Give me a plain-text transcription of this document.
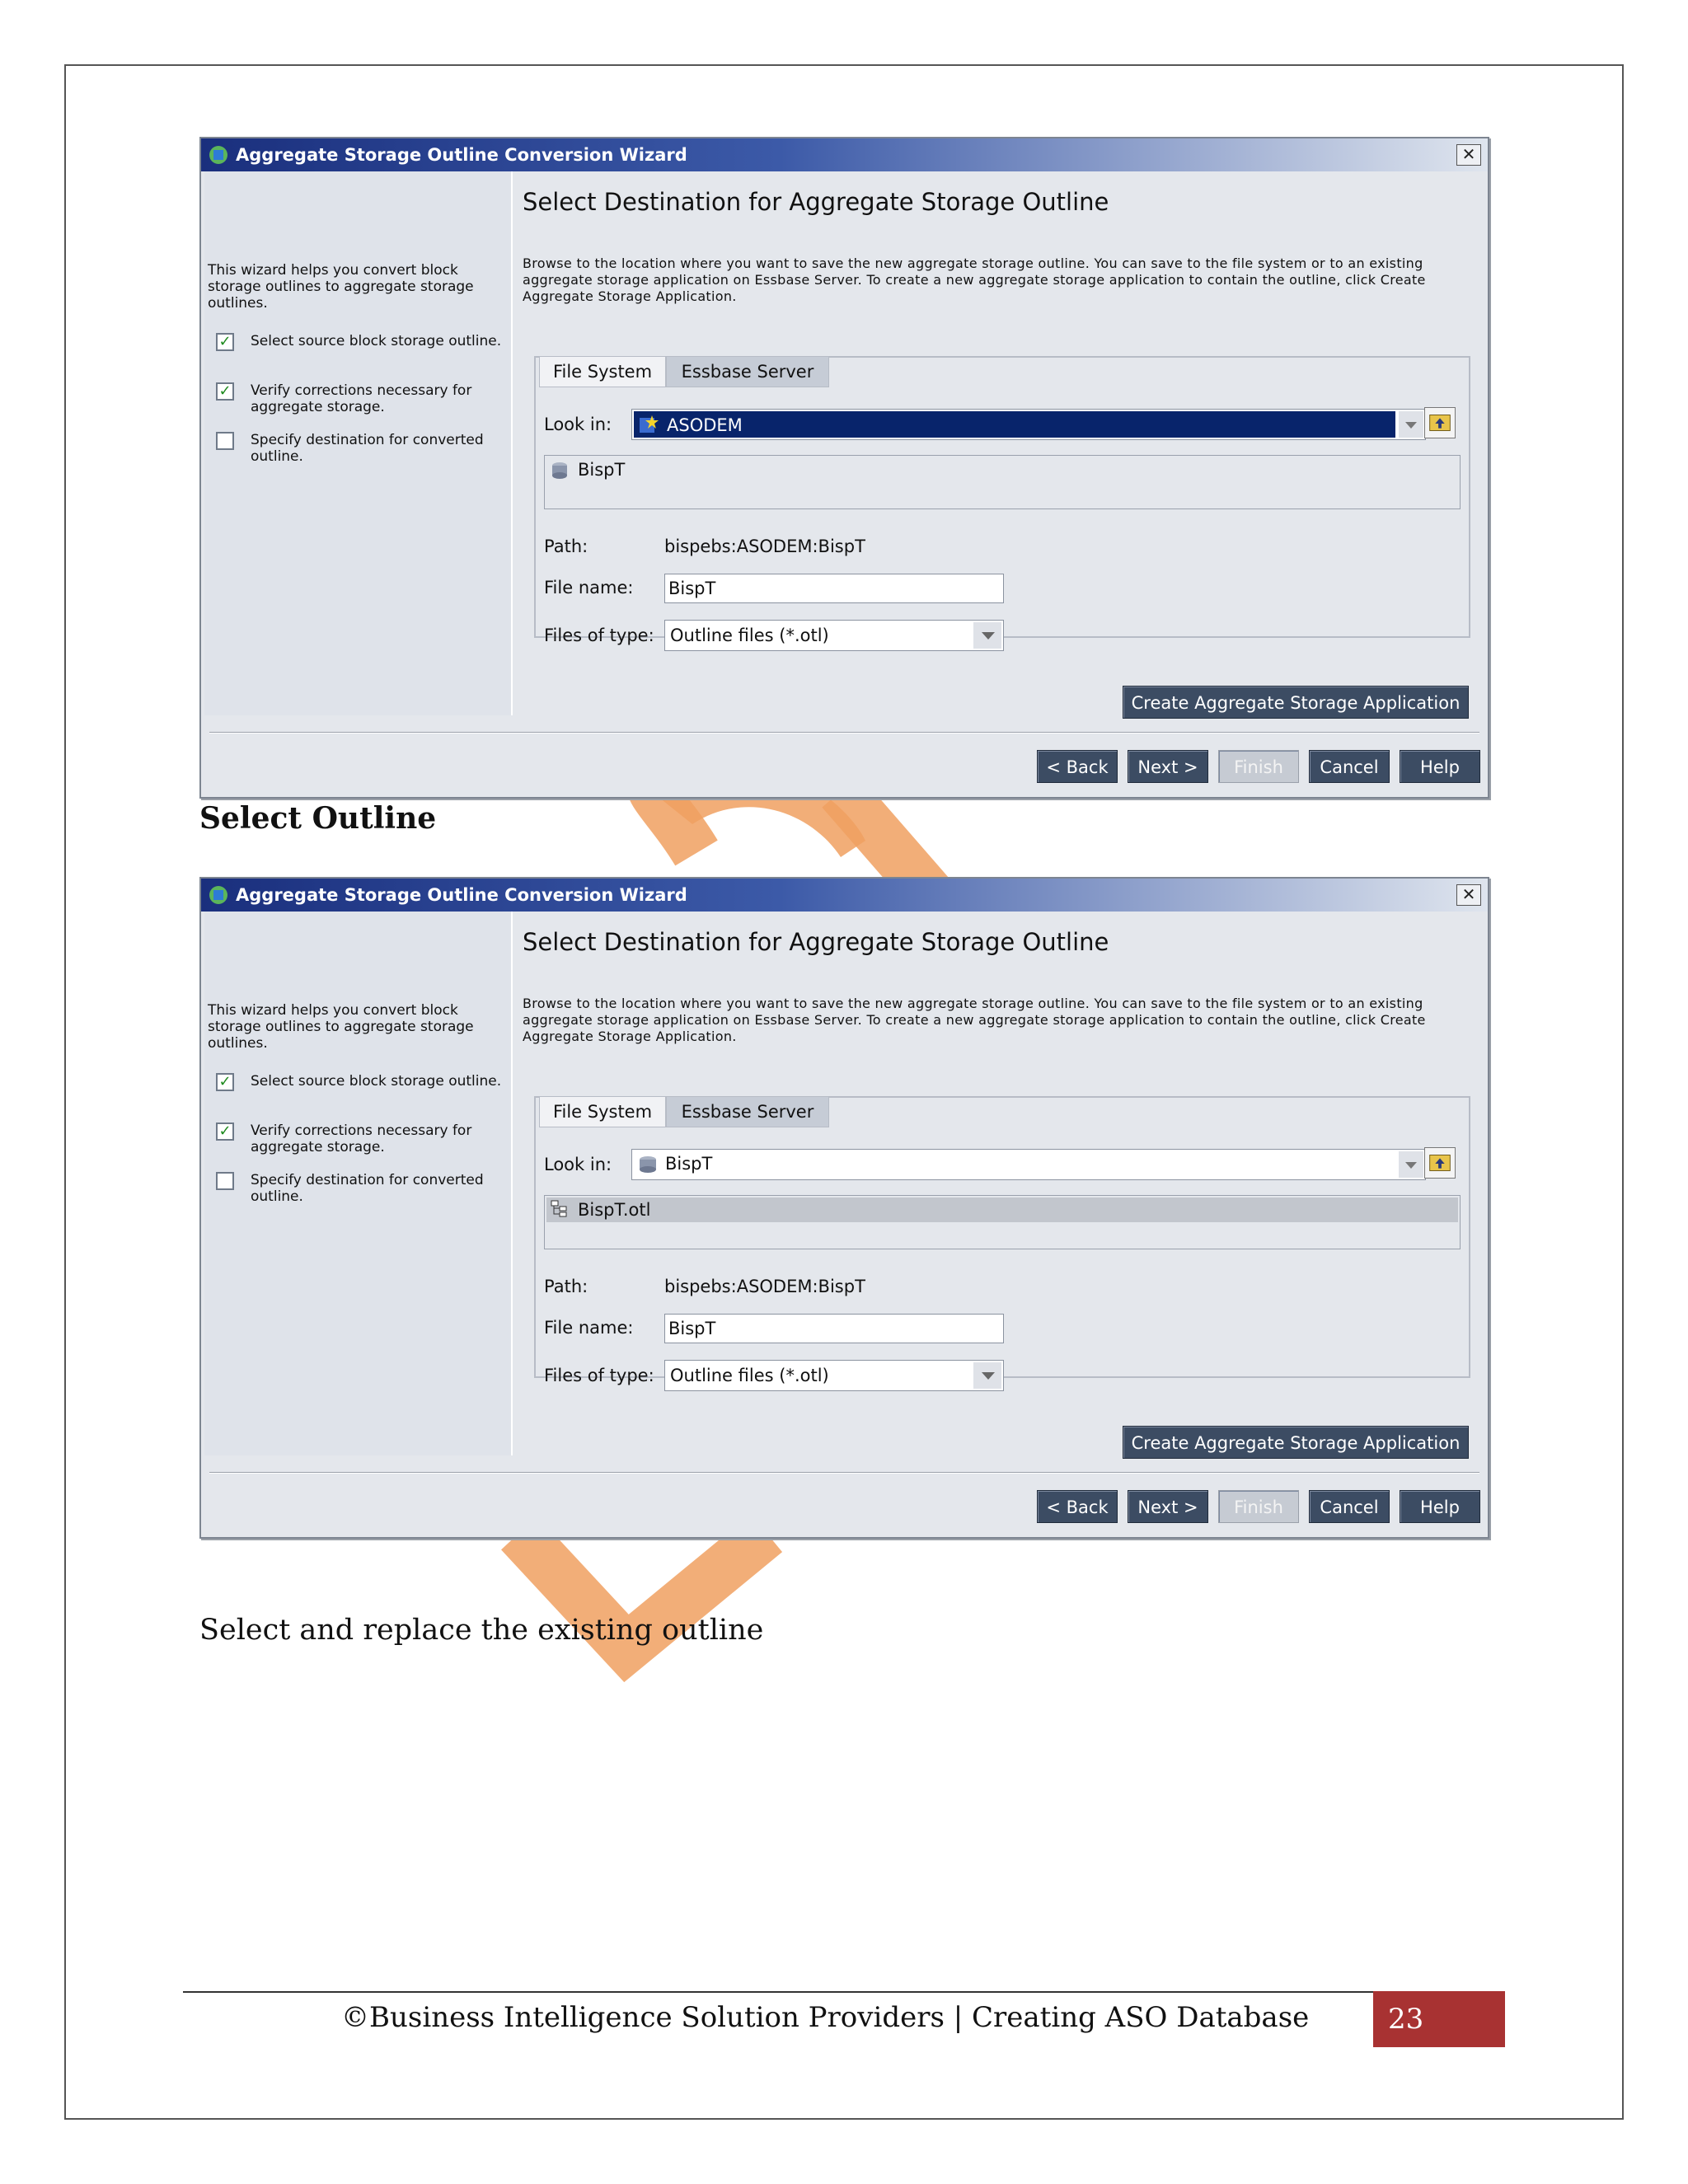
Aggregate Storage Outline Conversion Wizard	✕
This wizard helps you convert block storage outlines to aggregate storage outlines.
✓ Select source block storage outline.
✓ Verify corrections necessary for aggregate storage.
Specify destination for converted outline.
Select Destination for Aggregate Storage Outline
Browse to the location where you want to save the new aggregate storage outline. You can save to the file system or to an existing aggregate storage application on Essbase Server. To create a new aggregate storage application to contain the outline, click Create Aggregate Storage Application.
File System	Essbase Server
Look in:	ASODEM
BispT
Path:	bispebs:ASODEM:BispT
File name: BispT
Files of type: Outline files (*.otl)
Create Aggregate Storage Application
< Back	Next >	Finish	Cancel	Help
Select Outline
Aggregate Storage Outline Conversion Wizard	✕
This wizard helps you convert block storage outlines to aggregate storage outlines.
✓ Select source block storage outline.
✓ Verify corrections necessary for aggregate storage.
Specify destination for converted outline.
Select Destination for Aggregate Storage Outline
Browse to the location where you want to save the new aggregate storage outline. You can save to the file system or to an existing aggregate storage application on Essbase Server. To create a new aggregate storage application to contain the outline, click Create Aggregate Storage Application.
File System	Essbase Server
Look in:	BispT
BispT.otl
Path:	bispebs:ASODEM:BispT
File name: BispT
Files of type: Outline files (*.otl)
Create Aggregate Storage Application
< Back	Next >	Finish	Cancel	Help
Select and replace the existing outline
©Business Intelligence Solution Providers | Creating ASO Database	23
